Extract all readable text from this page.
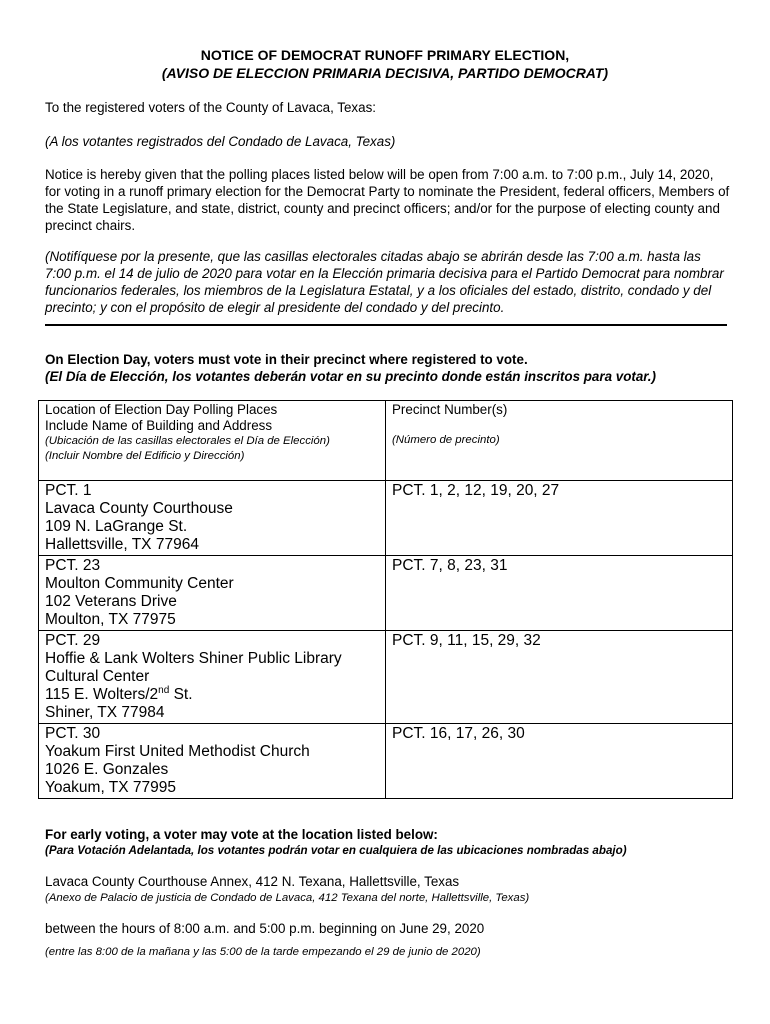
NOTICE OF DEMOCRAT RUNOFF PRIMARY ELECTION,
(AVISO DE ELECCION PRIMARIA DECISIVA, PARTIDO DEMOCRAT)
To the registered voters of the County of Lavaca, Texas:
(A los votantes registrados del Condado de Lavaca, Texas)
Notice is hereby given that the polling places listed below will be open from 7:00 a.m. to 7:00 p.m., July 14, 2020, for voting in a runoff primary election for the Democrat Party to nominate the President, federal officers, Members of the State Legislature, and state, district, county and precinct officers; and/or for the purpose of electing county and precinct chairs.
(Notifíquese por la presente, que las casillas electorales citadas abajo se abrirán desde las 7:00 a.m. hasta las 7:00 p.m. el 14 de julio de 2020 para votar en la Elección primaria decisiva para el Partido Democrat para nombrar funcionarios federales, los miembros de la Legislatura Estatal, y a los oficiales del estado, distrito, condado y del precinto; y con el propósito de elegir al presidente del condado y del precinto.
On Election Day, voters must vote in their precinct where registered to vote.
(El Día de Elección, los votantes deberán votar en su precinto donde están inscritos para votar.)
Location of Election Day Polling Places
Include Name of Building and Address
(Ubicación de las casillas electorales el Día de Elección)
(Incluir Nombre del Edificio y Dirección)	Precinct Number(s)
(Número de precinto)

PCT. 1
Lavaca County Courthouse
109 N. LaGrange St.
Hallettsville, TX 77964	PCT. 1, 2, 12, 19, 20, 27

PCT. 23
Moulton Community Center
102 Veterans Drive
Moulton, TX 77975	PCT. 7, 8, 23, 31

PCT. 29
Hoffie & Lank Wolters Shiner Public Library
Cultural Center
115 E. Wolters/2nd St.
Shiner, TX 77984	PCT. 9, 11, 15, 29, 32

PCT. 30
Yoakum First United Methodist Church
1026 E. Gonzales
Yoakum, TX 77995	PCT. 16, 17, 26, 30
For early voting, a voter may vote at the location listed below:
(Para Votación Adelantada, los votantes podrán votar en cualquiera de las ubicaciones nombradas abajo)
Lavaca County Courthouse Annex, 412 N. Texana, Hallettsville, Texas
(Anexo de Palacio de justicia de Condado de Lavaca, 412 Texana del norte, Hallettsville, Texas)
between the hours of 8:00 a.m. and 5:00 p.m. beginning on June 29, 2020
(entre las 8:00 de la mañana y las 5:00 de la tarde empezando el 29 de junio de 2020)
